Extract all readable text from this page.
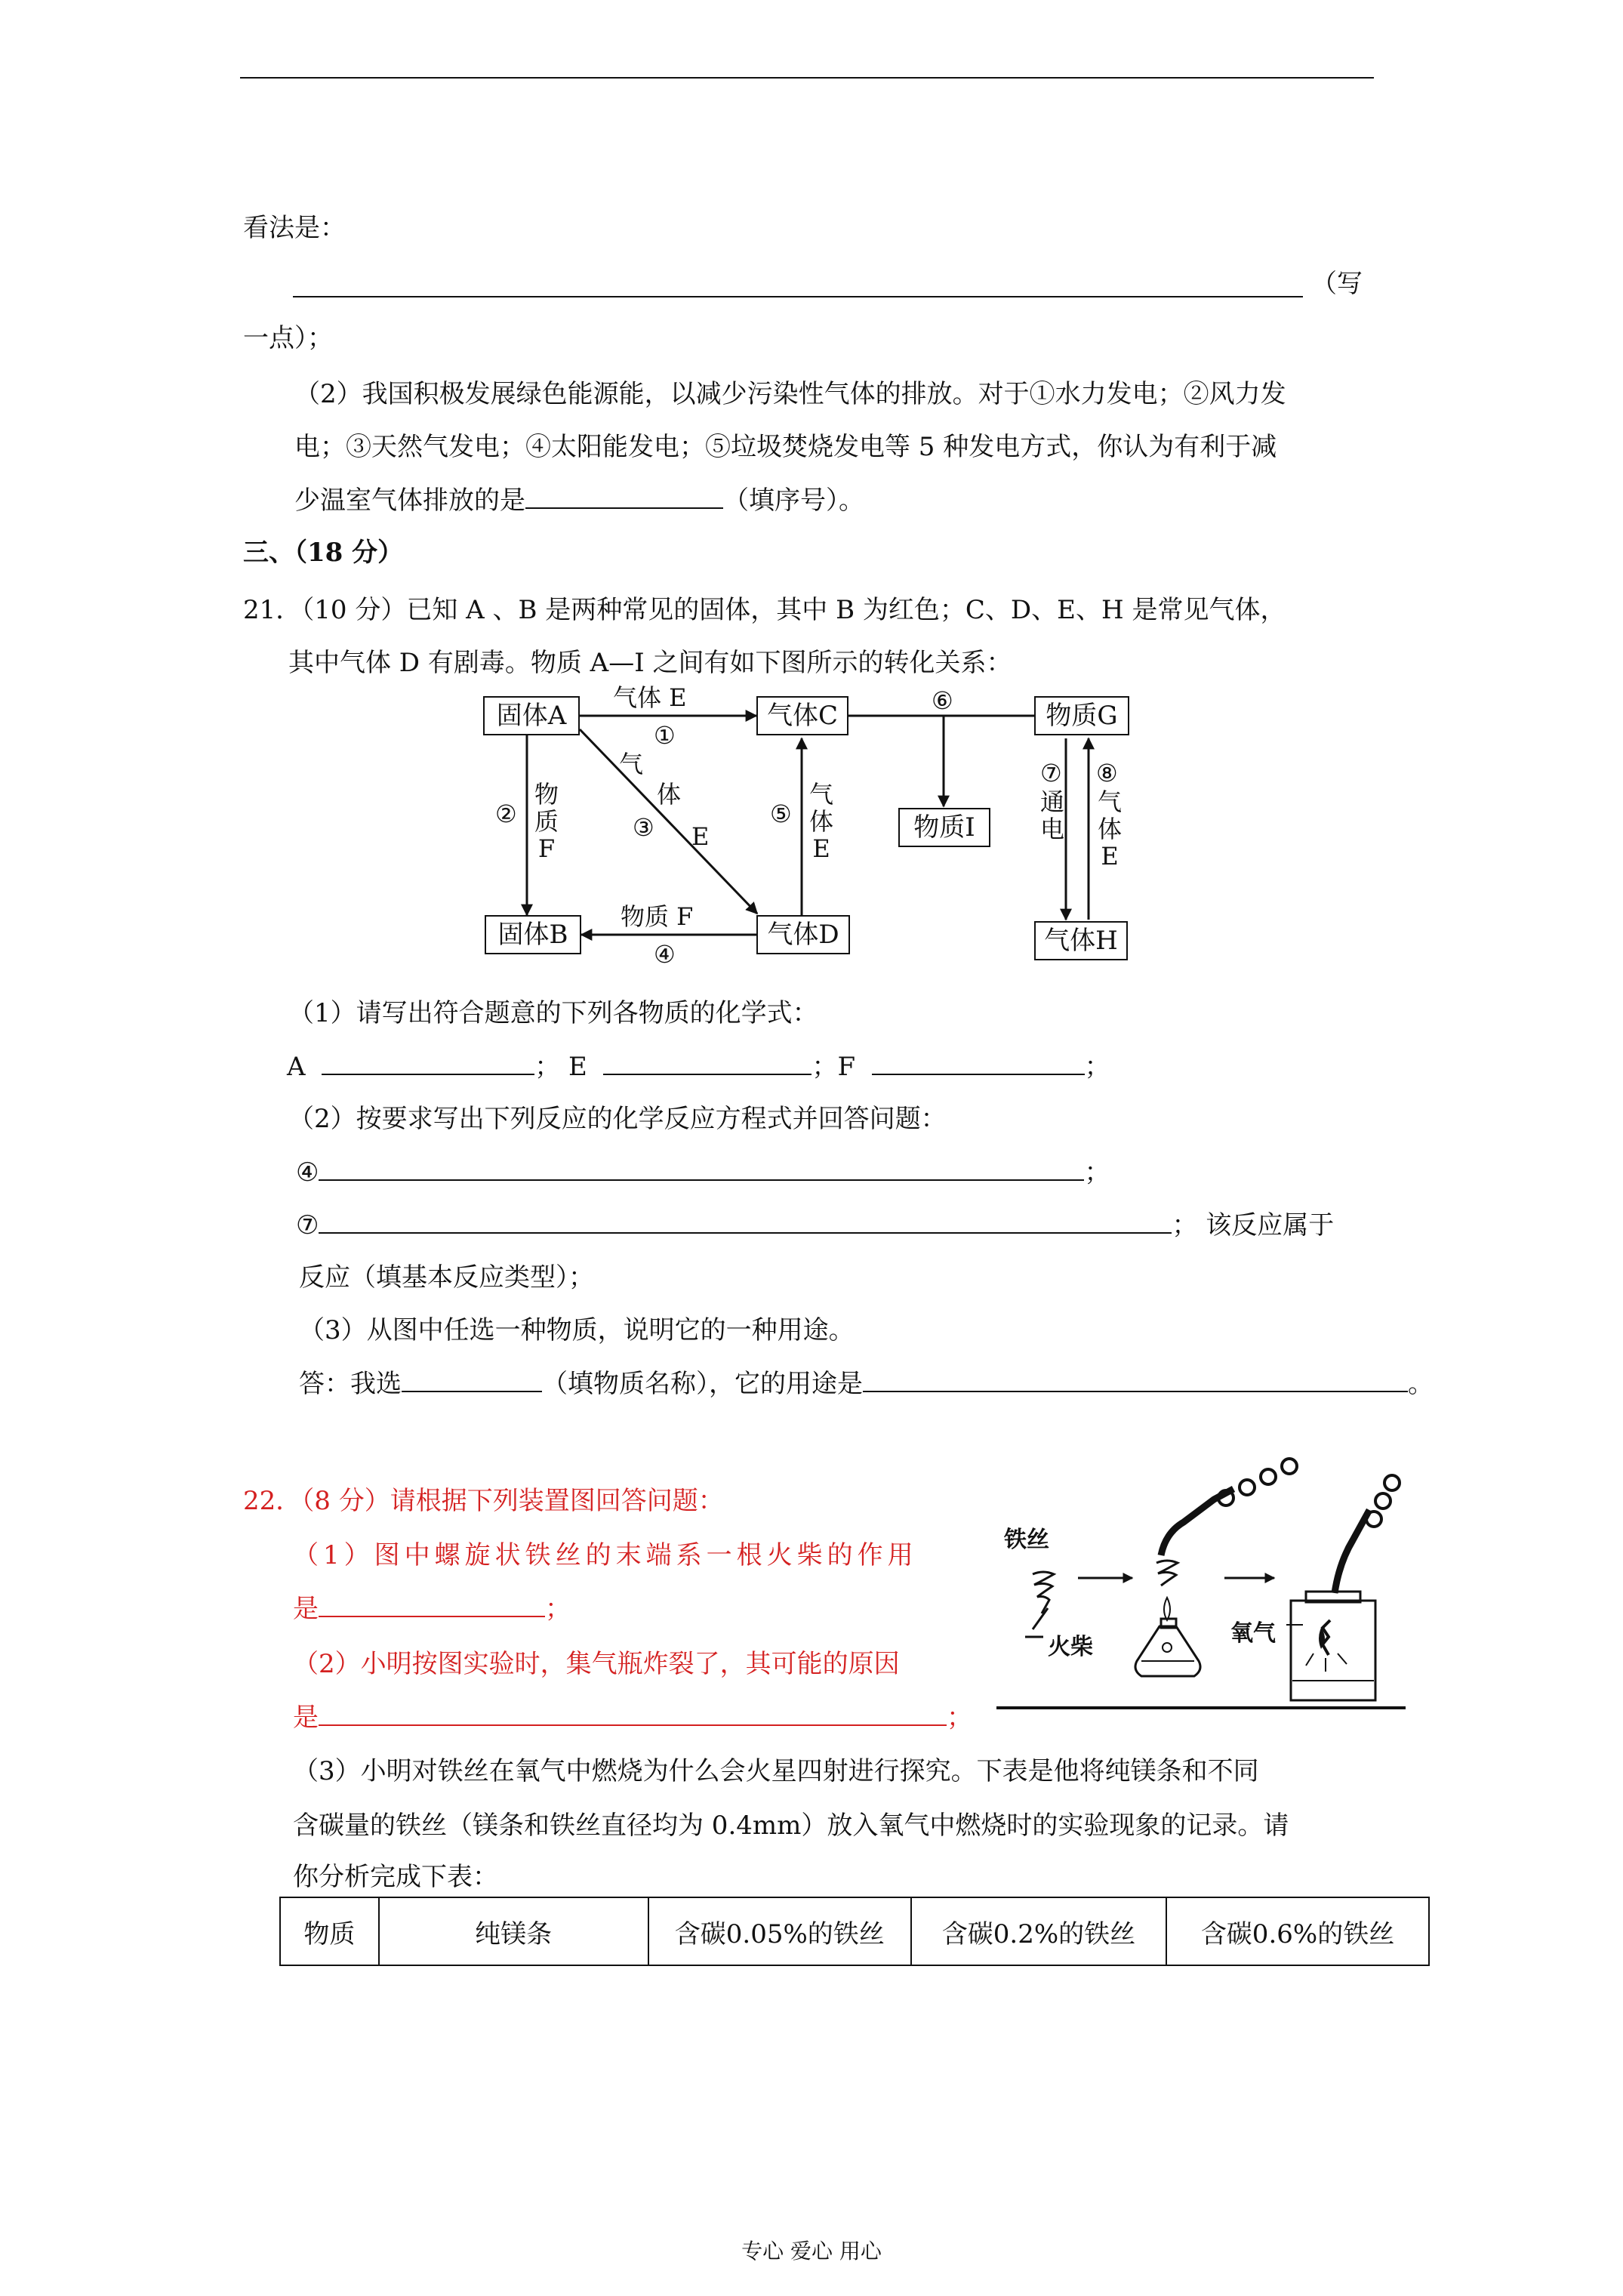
看法是：
（写
一点）；
（2）我国积极发展绿色能源能，以减少污染性气体的排放。对于①水力发电；②风力发
电；③天然气发电；④太阳能发电；⑤垃圾焚烧发电等 5 种发电方式，你认为有利于减
少温室气体排放的是	（填序号）。
三、（18 分）
21．（10 分）已知 A 、B 是两种常见的固体，其中 B 为红色；C、D、E、H 是常见气体，
其中气体 D 有剧毒。物质 A—I 之间有如下图所示的转化关系：
固体A	气体C	物质G
物质I
固体B	气体D	气体H
气体 E
①
②
物质F
气
体
③ E
物质 F
④
⑤
气体E
⑥
⑦
通电
⑧
气体E
（1）请写出符合题意的下列各物质的化学式：
A	； E	；F	；
（2）按要求写出下列反应的化学反应方程式并回答问题：
④	；
⑦	； 该反应属于
反应（填基本反应类型）；
（3）从图中任选一种物质，说明它的一种用途。
答：我选	（填物质名称），它的用途是	。
22．（8 分）请根据下列装置图回答问题：
（1）图中螺旋状铁丝的末端系一根火柴的作用
是	；
（2）小明按图实验时，集气瓶炸裂了，其可能的原因
是	；
铁丝
火柴
氧气
（3）小明对铁丝在氧气中燃烧为什么会火星四射进行探究。下表是他将纯镁条和不同
含碳量的铁丝（镁条和铁丝直径均为 0.4mm）放入氧气中燃烧时的实验现象的记录。请
你分析完成下表：
物质	纯镁条	含碳0.05%的铁丝	含碳0.2%的铁丝	含碳0.6%的铁丝
专心 爱心 用心
